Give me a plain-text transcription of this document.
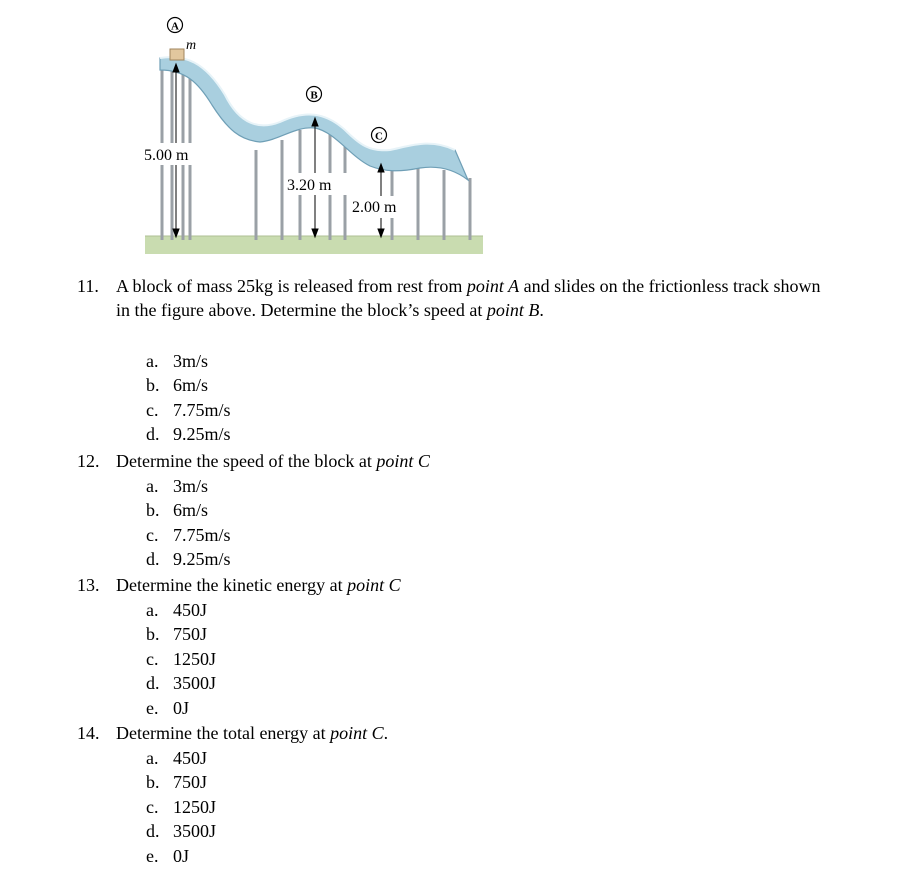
A
m
B
C
5.00 m
3.20 m
2.00 m
11. A block of mass 25kg is released from rest from point A and slides on the frictionless track shown in the figure above. Determine the block’s speed at point B.
a. 3m/s
b. 6m/s
c. 7.75m/s
d. 9.25m/s
12. Determine the speed of the block at point C
a. 3m/s
b. 6m/s
c. 7.75m/s
d. 9.25m/s
13. Determine the kinetic energy at point C
a. 450J
b. 750J
c. 1250J
d. 3500J
e. 0J
14. Determine the total energy at point C.
a. 450J
b. 750J
c. 1250J
d. 3500J
e. 0J
